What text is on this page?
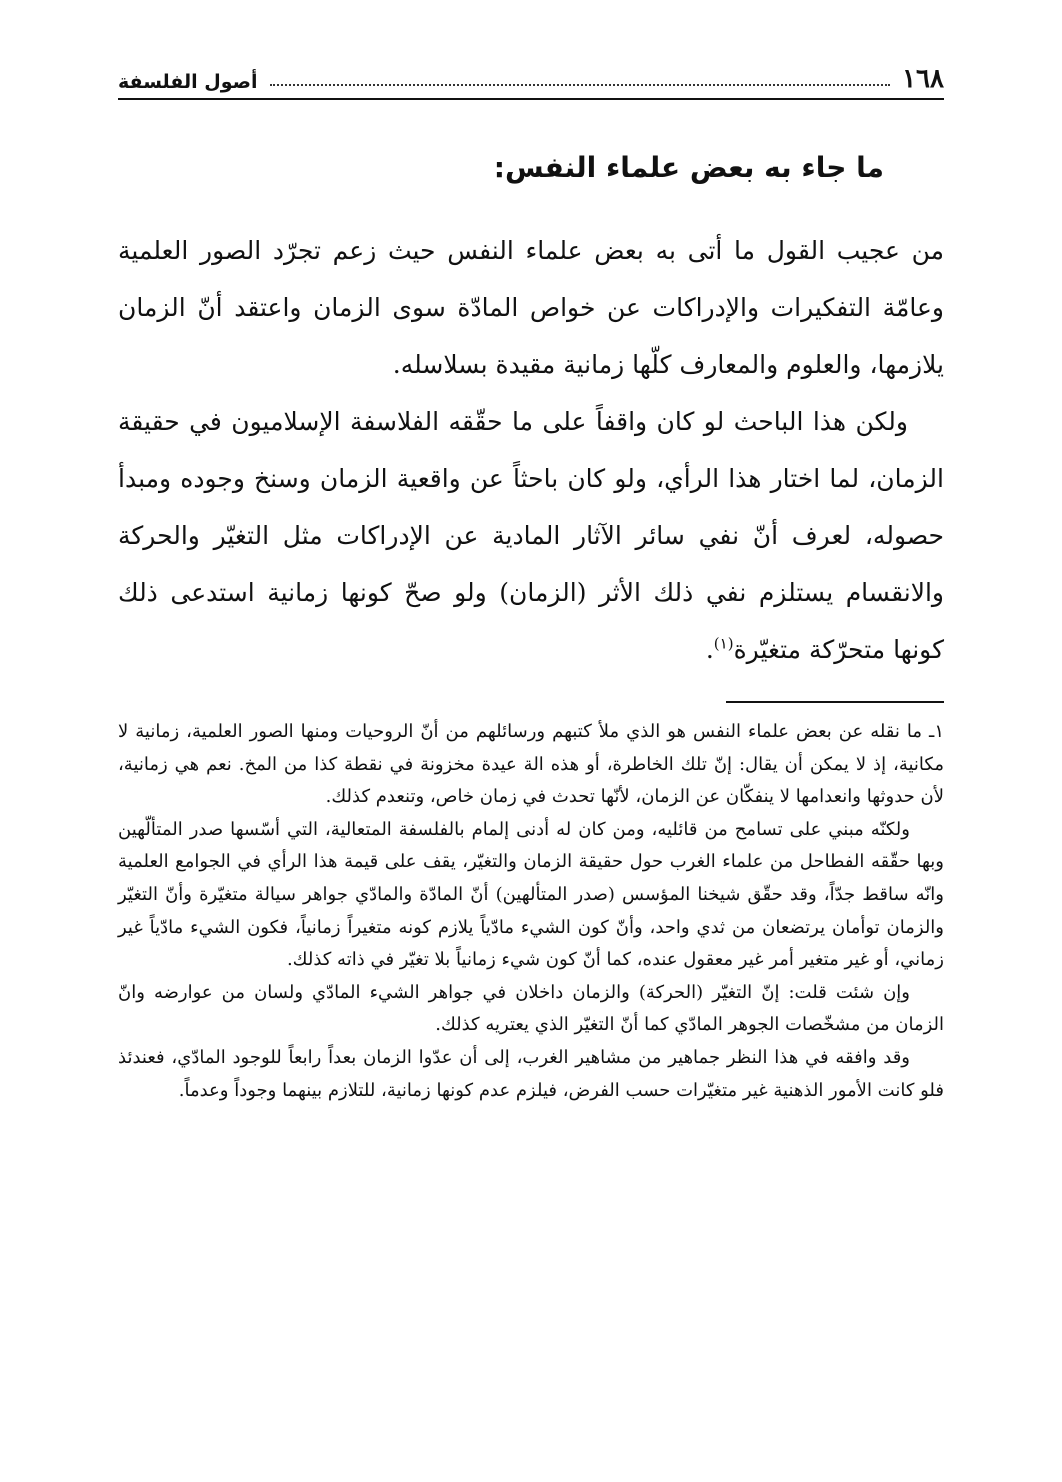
١٦٨
أصول الفلسفة
ما جاء به بعض علماء النفس:

من عجيب القول ما أتى به بعض علماء النفس حيث زعم تجرّد الصور العلمية وعامّة التفكيرات والإدراكات عن خواص المادّة سوى الزمان واعتقد أنّ الزمان يلازمها، والعلوم والمعارف كلّها زمانية مقيدة بسلاسله.

ولكن هذا الباحث لو كان واقفاً على ما حقّقه الفلاسفة الإسلاميون في حقيقة الزمان، لما اختار هذا الرأي، ولو كان باحثاً عن واقعية الزمان وسنخ وجوده ومبدأ حصوله، لعرف أنّ نفي سائر الآثار المادية عن الإدراكات مثل التغيّر والحركة والانقسام يستلزم نفي ذلك الأثر (الزمان) ولو صحّ كونها زمانية استدعى ذلك كونها متحرّكة متغيّرة$^{(١)}$.

١ـ ما نقله عن بعض علماء النفس هو الذي ملأ كتبهم ورسائلهم من أنّ الروحيات ومنها الصور العلمية، زمانية لا مكانية، إذ لا يمكن أن يقال: إنّ تلك الخاطرة، أو هذه الة عيدة مخزونة في نقطة كذا من المخ. نعم هي زمانية، لأن حدوثها وانعدامها لا ينفكّان عن الزمان، لأنّها تحدث في زمان خاص، وتنعدم كذلك.

ولكنّه مبني على تسامح من قائليه، ومن كان له أدنى إلمام بالفلسفة المتعالية، التي أسّسها صدر المتألّهين وبها حقّقه الفطاحل من علماء الغرب حول حقيقة الزمان والتغيّر، يقف على قيمة هذا الرأي في الجوامع العلمية وانّه ساقط جدّاً، وقد حقّق شيخنا المؤسس (صدر المتألهين) أنّ المادّة والمادّي جواهر سيالة متغيّرة وأنّ التغيّر والزمان توأمان يرتضعان من ثدي واحد، وأنّ كون الشيء مادّياً يلازم كونه متغيراً زمانياً، فكون الشيء مادّياً غير زماني، أو غير متغير أمر غير معقول عنده، كما أنّ كون شيء زمانياً بلا تغيّر في ذاته كذلك.

وإن شئت قلت: إنّ التغيّر (الحركة) والزمان داخلان في جواهر الشيء المادّي ولسان من عوارضه وانّ الزمان من مشخّصات الجوهر المادّي كما أنّ التغيّر الذي يعتريه كذلك.

وقد وافقه في هذا النظر جماهير من مشاهير الغرب، إلى أن عدّوا الزمان بعداً رابعاً للوجود المادّي، فعندئذ فلو كانت الأمور الذهنية غير متغيّرات حسب الفرض، فيلزم عدم كونها زمانية، للتلازم بينهما وجوداً وعدماً.
